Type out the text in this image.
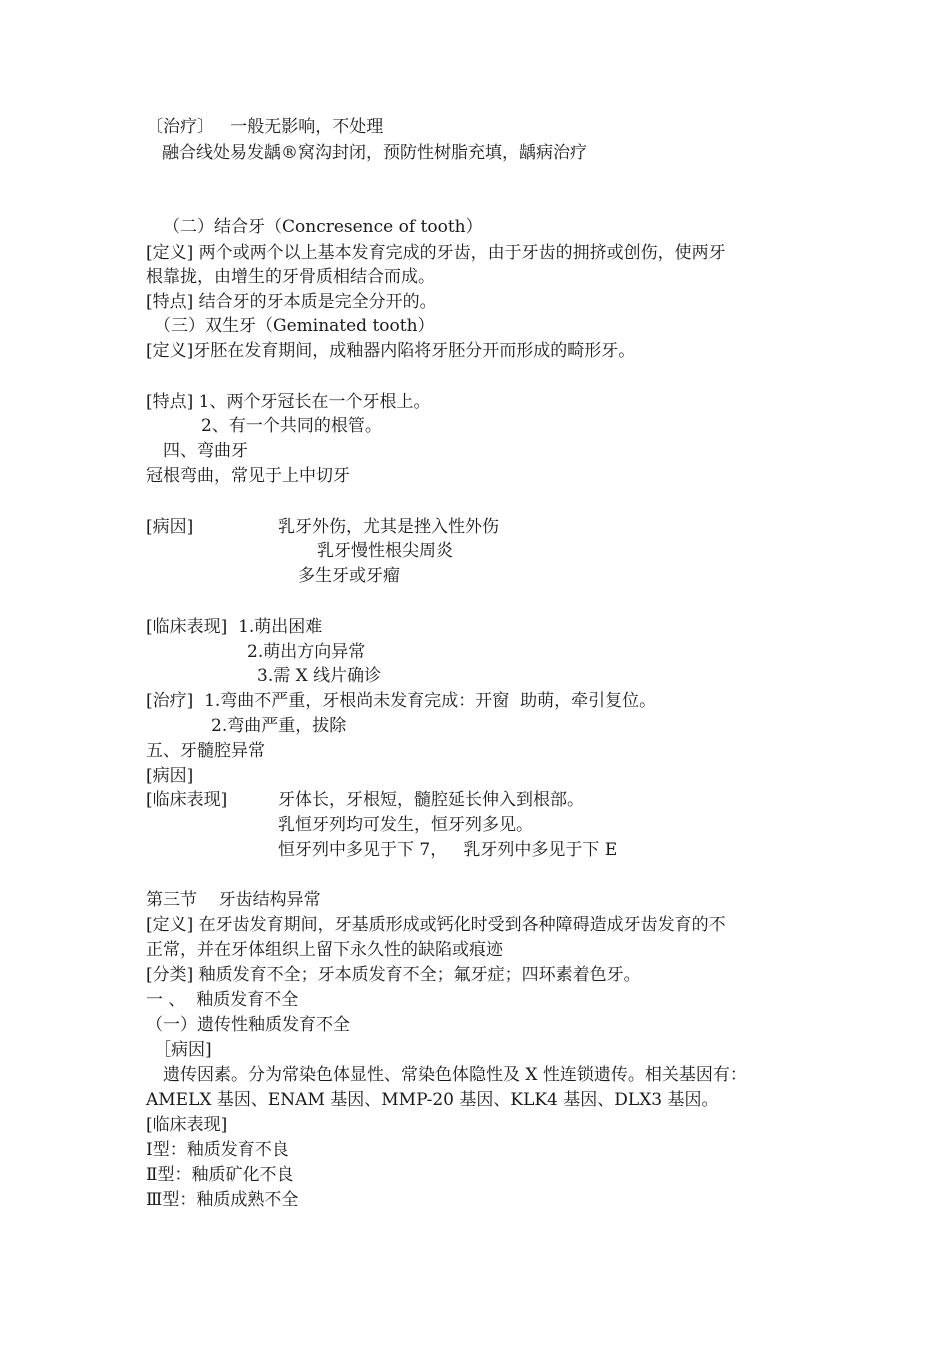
〔治疗〕   一般无影响，不处理
融合线处易发龋®窝沟封闭，预防性树脂充填，龋病治疗
（二）结合牙（Concresence of tooth）
[定义] 两个或两个以上基本发育完成的牙齿，由于牙齿的拥挤或创伤，使两牙
根靠拢，由增生的牙骨质相结合而成。
[特点] 结合牙的牙本质是完全分开的。
（三）双生牙（Geminated tooth）
[定义]牙胚在发育期间，成釉器内陷将牙胚分开而形成的畸形牙。
[特点] 1、两个牙冠长在一个牙根上。
2、有一个共同的根管。
四、弯曲牙
冠根弯曲，常见于上中切牙
[病因]	乳牙外伤，尤其是挫入性外伤
乳牙慢性根尖周炎
多生牙或牙瘤
[临床表现]  1.萌出困难
2.萌出方向异常
3.需 X 线片确诊
[治疗]  1.弯曲不严重，牙根尚未发育完成：开窗  助萌，牵引复位。
2.弯曲严重，拔除
五、牙髓腔异常
[病因]
[临床表现]	牙体长，牙根短，髓腔延长伸入到根部。
乳恒牙列均可发生，恒牙列多见。
恒牙列中多见于下 7，   乳牙列中多见于下 E
第三节    牙齿结构异常
[定义] 在牙齿发育期间，牙基质形成或钙化时受到各种障碍造成牙齿发育的不
正常，并在牙体组织上留下永久性的缺陷或痕迹
[分类] 釉质发育不全；牙本质发育不全；氟牙症；四环素着色牙。
一 、  釉质发育不全
（一）遗传性釉质发育不全
［病因]
遗传因素。分为常染色体显性、常染色体隐性及 X 性连锁遗传。相关基因有：
AMELX 基因、ENAM 基因、MMP-20 基因、KLK4 基因、DLX3 基因。
[临床表现]
Ⅰ型：釉质发育不良
Ⅱ型：釉质矿化不良
Ⅲ型：釉质成熟不全
